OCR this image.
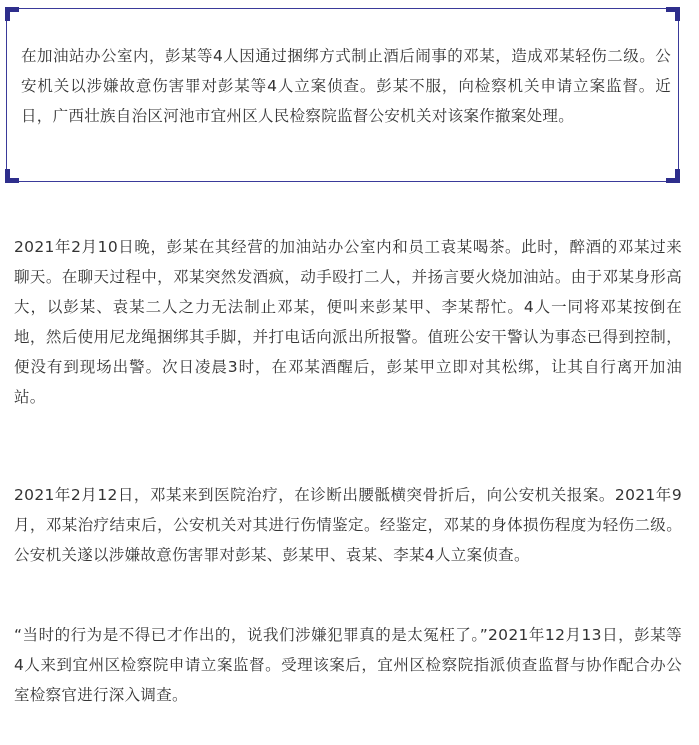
在加油站办公室内，彭某等4人因通过捆绑方式制止酒后闹事的邓某，造成邓某轻伤二级。公安机关以涉嫌故意伤害罪对彭某等4人立案侦查。彭某不服，向检察机关申请立案监督。近日，广西壮族自治区河池市宜州区人民检察院监督公安机关对该案作撤案处理。

2021年2月10日晚，彭某在其经营的加油站办公室内和员工袁某喝茶。此时，醉酒的邓某过来聊天。在聊天过程中，邓某突然发酒疯，动手殴打二人，并扬言要火烧加油站。由于邓某身形高大，以彭某、袁某二人之力无法制止邓某，便叫来彭某甲、李某帮忙。4人一同将邓某按倒在地，然后使用尼龙绳捆绑其手脚，并打电话向派出所报警。值班公安干警认为事态已得到控制，便没有到现场出警。次日凌晨3时，在邓某酒醒后，彭某甲立即对其松绑，让其自行离开加油站。

2021年2月12日，邓某来到医院治疗，在诊断出腰骶横突骨折后，向公安机关报案。2021年9月，邓某治疗结束后，公安机关对其进行伤情鉴定。经鉴定，邓某的身体损伤程度为轻伤二级。公安机关遂以涉嫌故意伤害罪对彭某、彭某甲、袁某、李某4人立案侦查。

“当时的行为是不得已才作出的，说我们涉嫌犯罪真的是太冤枉了。”2021年12月13日，彭某等4人来到宜州区检察院申请立案监督。受理该案后，宜州区检察院指派侦查监督与协作配合办公室检察官进行深入调查。
